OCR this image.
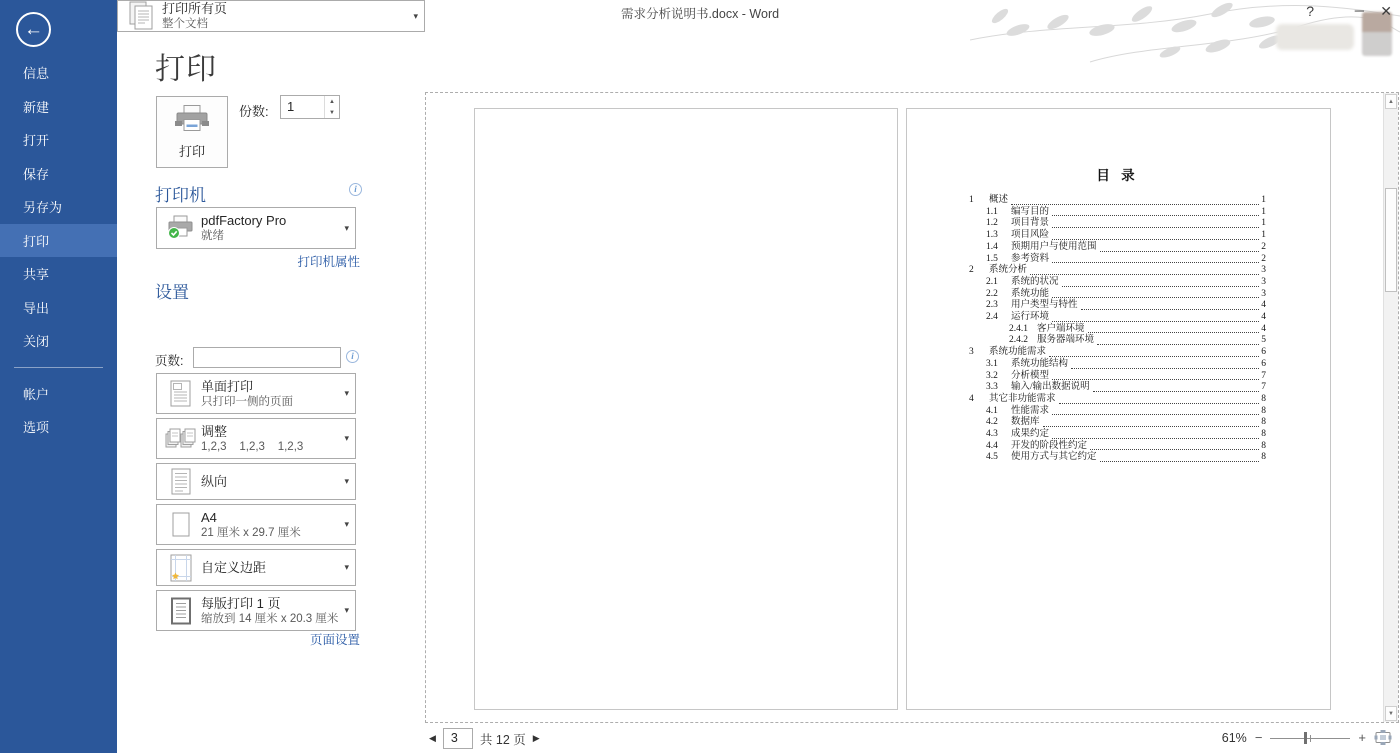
需求分析说明书.docx - Word	?	─ ✕
←
信息
新建
打开
保存
另存为
打印
共享
导出
关闭
帐户
选项
打印
打印
份数:	1	▲
▼
打印机	i
pdfFactory Pro
就绪
▾
打印机属性
设置
打印所有页
整个文档
▾
页数:	i
单面打印
只打印一侧的页面
▾
调整
1,2,3    1,2,3    1,2,3
▾
纵向	▾
A4
21 厘米 x 29.7 厘米
▾
自定义边距	▾
每版打印 1 页
缩放到 14 厘米 x 20.3 厘米
▾
页面设置
目 录
1	概述	1
1.1	编写目的	1
1.2	项目背景	1
1.3	项目风险	1
1.4	预期用户与使用范围	2
1.5	参考资料	2
2	系统分析	3
2.1	系统的状况	3
2.2	系统功能	3
2.3	用户类型与特性	4
2.4	运行环境	4
2.4.1 客户端环境	4
2.4.2 服务器端环境	5
3	系统功能需求	6
3.1	系统功能结构	6
3.2	分析模型	7
3.3	输入/输出数据说明	7
4	其它非功能需求	8
4.1	性能需求	8
4.2	数据库	8
4.3	成果约定	8
4.4	开发的阶段性约定	8
4.5	使用方式与其它约定	8
▲
▼
◀	3	共 12 页 ▶	61% −	+
